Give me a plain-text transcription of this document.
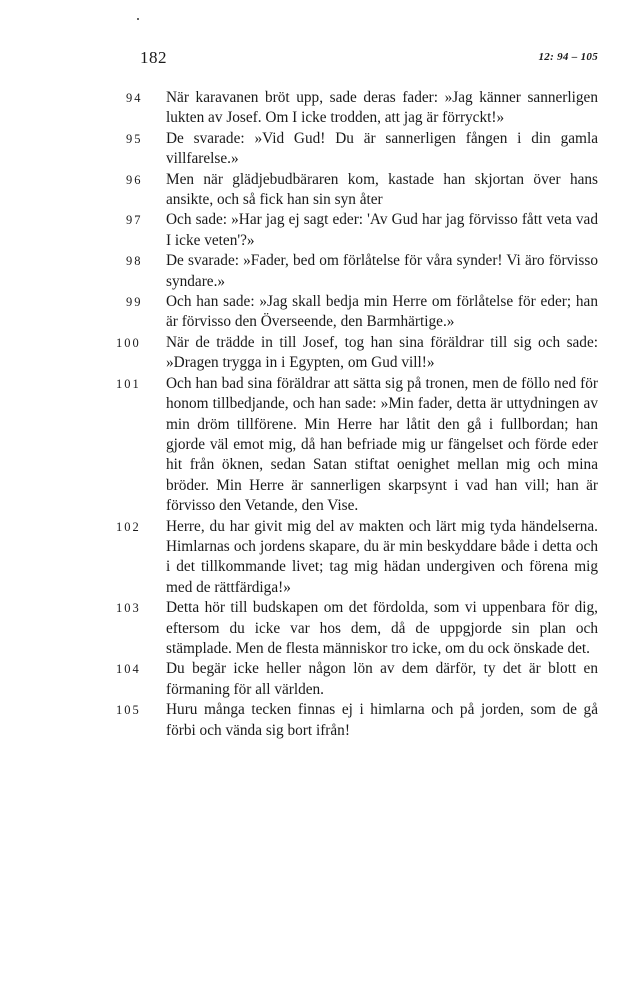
182	12: 94 – 105
94	När karavanen bröt upp, sade deras fader: »Jag känner sannerligen lukten av Josef. Om I icke trodden, att jag är förryckt!»
95	De svarade: »Vid Gud! Du är sannerligen fången i din gamla villfarelse.»
96	Men när glädjebudbäraren kom, kastade han skjortan över hans ansikte, och så fick han sin syn åter
97	Och sade: »Har jag ej sagt eder: 'Av Gud har jag förvisso fått veta vad I icke veten'?»
98	De svarade: »Fader, bed om förlåtelse för våra synder! Vi äro förvisso syndare.»
99	Och han sade: »Jag skall bedja min Herre om förlåtelse för eder; han är förvisso den Överseende, den Barmhärtige.»
100	När de trädde in till Josef, tog han sina föräldrar till sig och sade: »Dragen trygga in i Egypten, om Gud vill!»
101	Och han bad sina föräldrar att sätta sig på tronen, men de föllo ned för honom tillbedjande, och han sade: »Min fader, detta är uttydningen av min dröm tillförene. Min Herre har låtit den gå i fullbordan; han gjorde väl emot mig, då han befriade mig ur fängelset och förde eder hit från öknen, sedan Satan stiftat oenighet mellan mig och mina bröder. Min Herre är sannerligen skarpsynt i vad han vill; han är förvisso den Vetande, den Vise.
102	Herre, du har givit mig del av makten och lärt mig tyda händelserna. Himlarnas och jordens skapare, du är min beskyddare både i detta och i det tillkommande livet; tag mig hädan undergiven och förena mig med de rättfärdiga!»
103	Detta hör till budskapen om det fördolda, som vi uppenbara för dig, eftersom du icke var hos dem, då de uppgjorde sin plan och stämplade. Men de flesta människor tro icke, om du ock önskade det.
104	Du begär icke heller någon lön av dem därför, ty det är blott en förmaning för all världen.
105	Huru många tecken finnas ej i himlarna och på jorden, som de gå förbi och vända sig bort ifrån!
